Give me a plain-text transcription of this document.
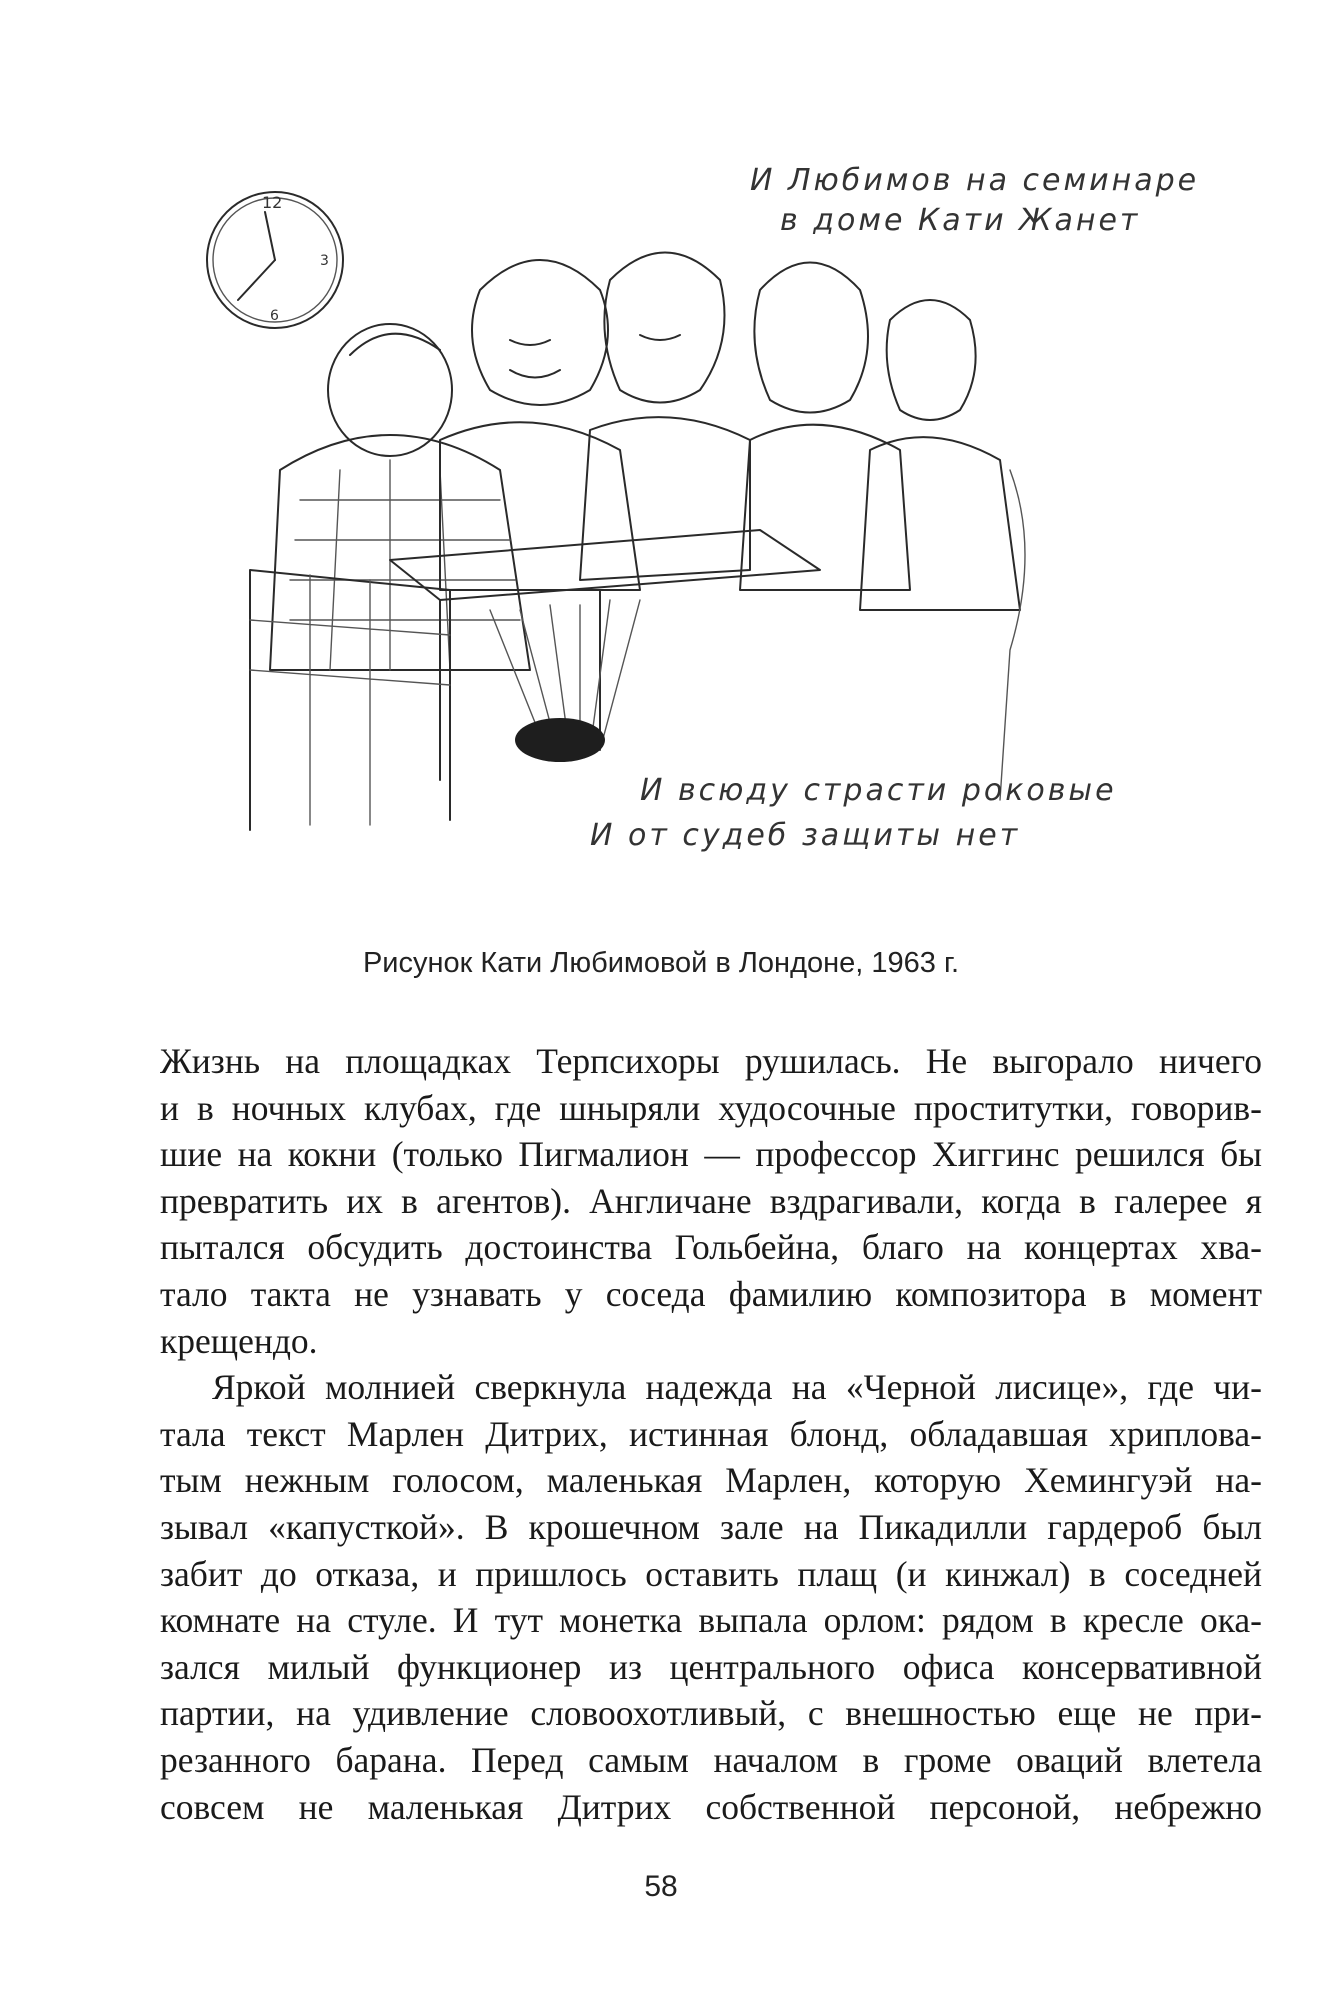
12
3
6
И Любимов на семинаре
в доме Кати Жанет
И всюду страсти роковые
И от судеб защиты нет
Рисунок Кати Любимовой в Лондоне, 1963 г.
Жизнь на площадках Терпсихоры рушилась. Не выгорало ничего
и в ночных клубах, где шныряли худосочные проститутки, говорив-
шие на кокни (только Пигмалион — профессор Хиггинс решился бы
превратить их в агентов). Англичане вздрагивали, когда в галерее я
пытался обсудить достоинства Гольбейна, благо на концертах хва-
тало такта не узнавать у соседа фамилию композитора в момент
крещендо.
Яркой молнией сверкнула надежда на «Черной лисице», где чи-
тала текст Марлен Дитрих, истинная блонд, обладавшая хриплова-
тым нежным голосом, маленькая Марлен, которую Хемингуэй на-
зывал «капусткой». В крошечном зале на Пикадилли гардероб был
забит до отказа, и пришлось оставить плащ (и кинжал) в соседней
комнате на стуле. И тут монетка выпала орлом: рядом в кресле ока-
зался милый функционер из центрального офиса консервативной
партии, на удивление словоохотливый, с внешностью еще не при-
резанного барана. Перед самым началом в громе оваций влетела
совсем не маленькая Дитрих собственной персоной, небрежно
58
